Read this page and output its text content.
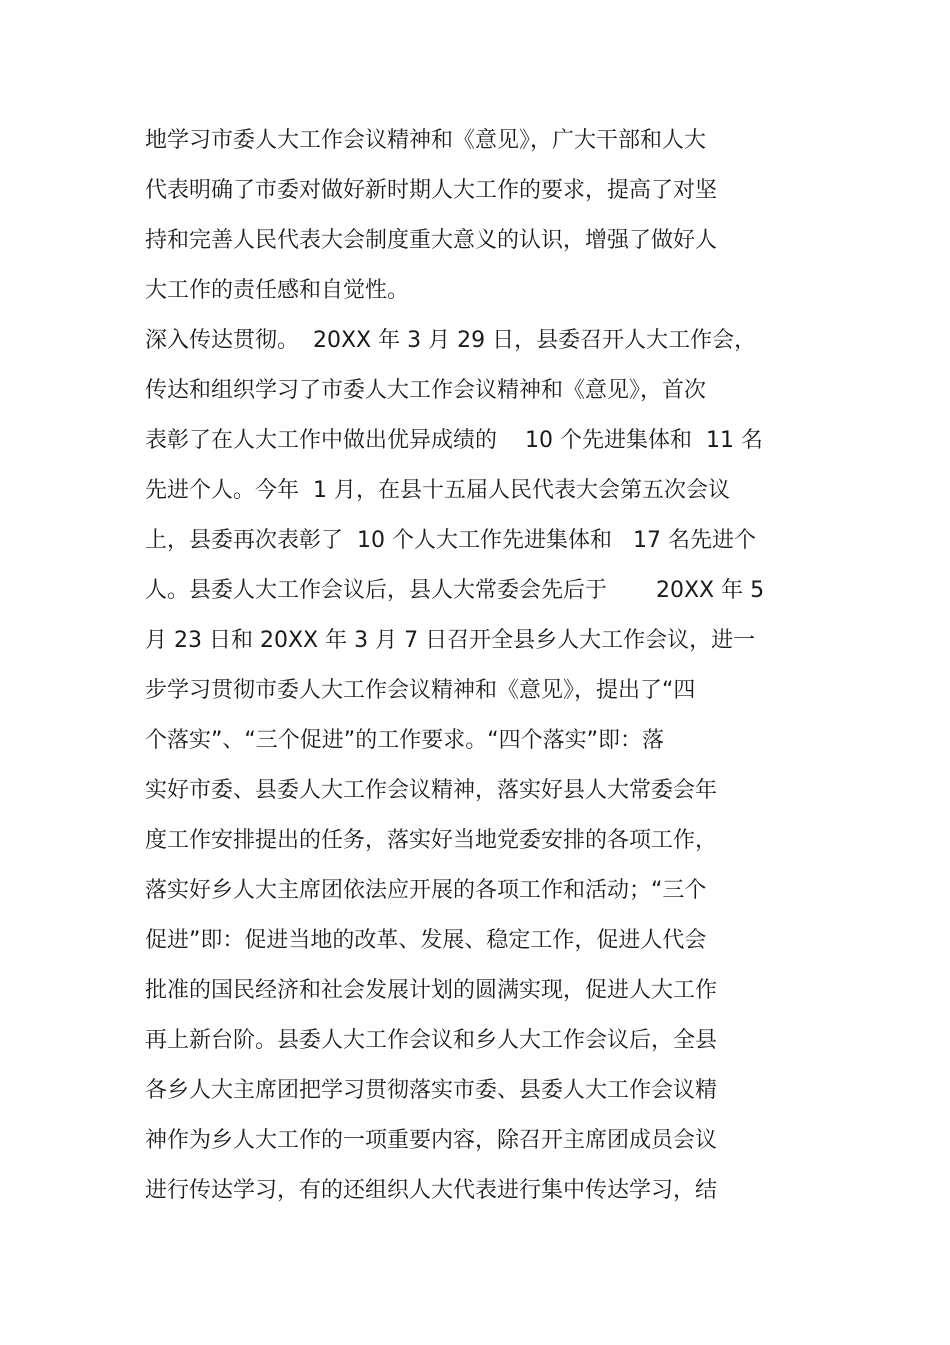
地学习市委人大工作会议精神和《意见》，广大干部和人大

代表明确了市委对做好新时期人大工作的要求，提高了对坚

持和完善人民代表大会制度重大意义的认识，增强了做好人

大工作的责任感和自觉性。

深入传达贯彻。  20XX 年 3 月 29 日，县委召开人大工作会，

传达和组织学习了市委人大工作会议精神和《意见》，首次

表彰了在人大工作中做出优异成绩的    10 个先进集体和  11 名

先进个人。今年  1 月，在县十五届人民代表大会第五次会议

上，县委再次表彰了  10 个人大工作先进集体和   17 名先进个

人。县委人大工作会议后，县人大常委会先后于       20XX 年 5

月 23 日和 20XX 年 3 月 7 日召开全县乡人大工作会议，进一

步学习贯彻市委人大工作会议精神和《意见》，提出了“四

个落实”、“三个促进”的工作要求。“四个落实”即：落

实好市委、县委人大工作会议精神，落实好县人大常委会年

度工作安排提出的任务，落实好当地党委安排的各项工作，

落实好乡人大主席团依法应开展的各项工作和活动；“三个

促进”即：促进当地的改革、发展、稳定工作，促进人代会

批准的国民经济和社会发展计划的圆满实现，促进人大工作

再上新台阶。县委人大工作会议和乡人大工作会议后，全县

各乡人大主席团把学习贯彻落实市委、县委人大工作会议精

神作为乡人大工作的一项重要内容，除召开主席团成员会议

进行传达学习，有的还组织人大代表进行集中传达学习，结
